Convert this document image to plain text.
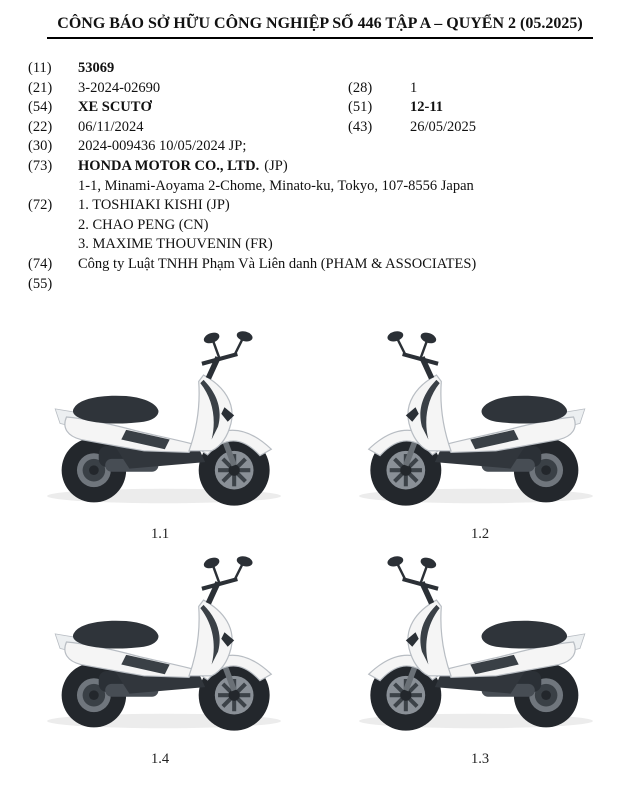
CÔNG BÁO SỞ HỮU CÔNG NGHIỆP SỐ 446 TẬP A – QUYỂN 2 (05.2025)
(11)	53069
(21)	3-2024-02690	(28)	1
(54)	XE SCUTƠ	(51)	12-11
(22)	06/11/2024	(43)	26/05/2025
(30)	2024-009436 10/05/2024 JP;
(73)	HONDA MOTOR CO., LTD. (JP)
1-1, Minami-Aoyama 2-Chome, Minato-ku, Tokyo, 107-8556 Japan
(72)	1. TOSHIAKI KISHI (JP)
2. CHAO PENG (CN)
3. MAXIME THOUVENIN (FR)
(74)	Công ty Luật TNHH Phạm Và Liên danh (PHAM & ASSOCIATES)
(55)
1.1	1.2
1.4	1.3
